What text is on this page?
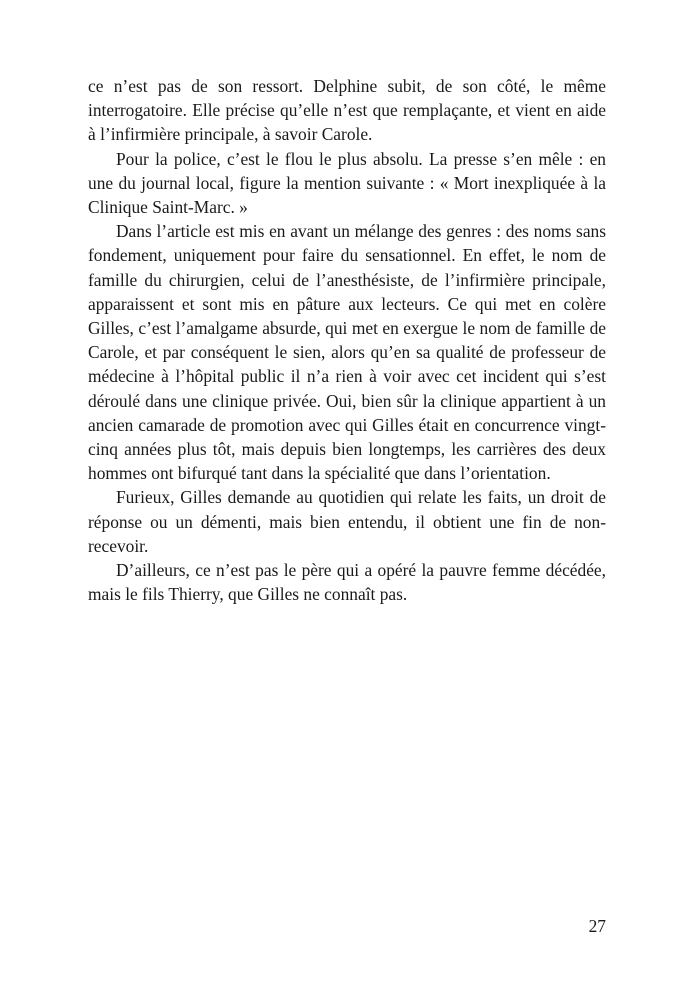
ce n’est pas de son ressort. Delphine subit, de son côté, le même interrogatoire. Elle précise qu’elle n’est que remplaçante, et vient en aide à l’infirmière principale, à savoir Carole.

Pour la police, c’est le flou le plus absolu. La presse s’en mêle : en une du journal local, figure la mention suivante : « Mort inexpliquée à la Clinique Saint-Marc. »

Dans l’article est mis en avant un mélange des genres : des noms sans fondement, uniquement pour faire du sensationnel. En effet, le nom de famille du chirurgien, celui de l’anesthésiste, de l’infirmière principale, apparaissent et sont mis en pâture aux lecteurs. Ce qui met en colère Gilles, c’est l’amalgame absurde, qui met en exergue le nom de famille de Carole, et par conséquent le sien, alors qu’en sa qualité de professeur de médecine à l’hôpital public il n’a rien à voir avec cet incident qui s’est déroulé dans une clinique privée. Oui, bien sûr la clinique appartient à un ancien camarade de promotion avec qui Gilles était en concurrence vingt-cinq années plus tôt, mais depuis bien longtemps, les carrières des deux hommes ont bifurqué tant dans la spécialité que dans l’orientation.

Furieux, Gilles demande au quotidien qui relate les faits, un droit de réponse ou un démenti, mais bien entendu, il obtient une fin de non-recevoir.

D’ailleurs, ce n’est pas le père qui a opéré la pauvre femme décédée, mais le fils Thierry, que Gilles ne connaît pas.

27
